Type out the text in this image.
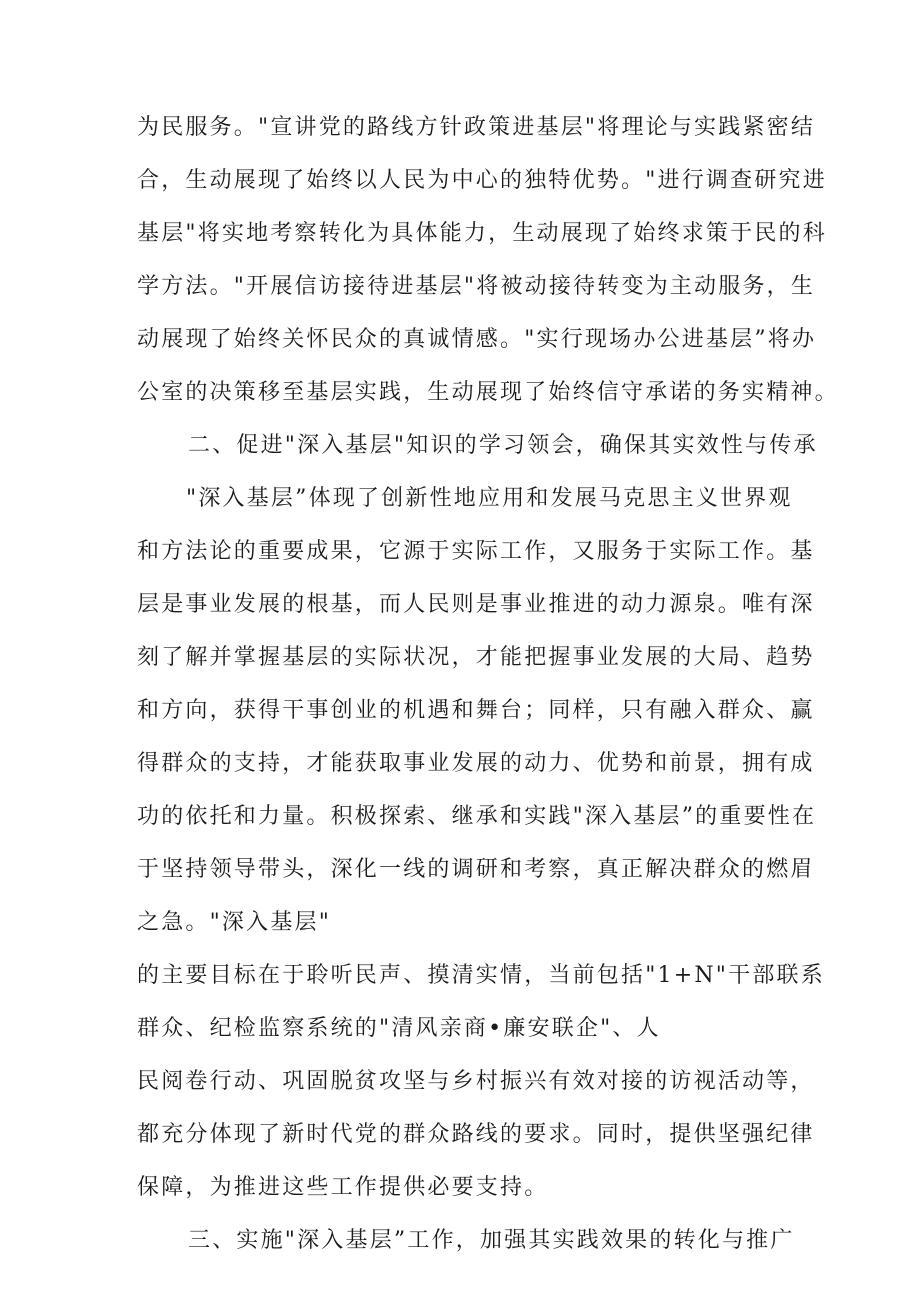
为民服务。"宣讲党的路线方针政策进基层"将理论与实践紧密结
合，生动展现了始终以人民为中心的独特优势。"进行调查研究进
基层"将实地考察转化为具体能力，生动展现了始终求策于民的科
学方法。"开展信访接待进基层"将被动接待转变为主动服务，生
动展现了始终关怀民众的真诚情感。"实行现场办公进基层”将办
公室的决策移至基层实践，生动展现了始终信守承诺的务实精神。
二、促进"深入基层"知识的学习领会，确保其实效性与传承
"深入基层”体现了创新性地应用和发展马克思主义世界观
和方法论的重要成果，它源于实际工作，又服务于实际工作。基
层是事业发展的根基，而人民则是事业推进的动力源泉。唯有深
刻了解并掌握基层的实际状况，才能把握事业发展的大局、趋势
和方向，获得干事创业的机遇和舞台；同样，只有融入群众、赢
得群众的支持，才能获取事业发展的动力、优势和前景，拥有成
功的依托和力量。积极探索、继承和实践"深入基层”的重要性在
于坚持领导带头，深化一线的调研和考察，真正解决群众的燃眉
之急。"深入基层"
的主要目标在于聆听民声、摸清实情，当前包括"1+N"干部联系
群众、纪检监察系统的"清风亲商•廉安联企"、人
民阅卷行动、巩固脱贫攻坚与乡村振兴有效对接的访视活动等，
都充分体现了新时代党的群众路线的要求。同时，提供坚强纪律
保障，为推进这些工作提供必要支持。
三、实施"深入基层”工作，加强其实践效果的转化与推广
